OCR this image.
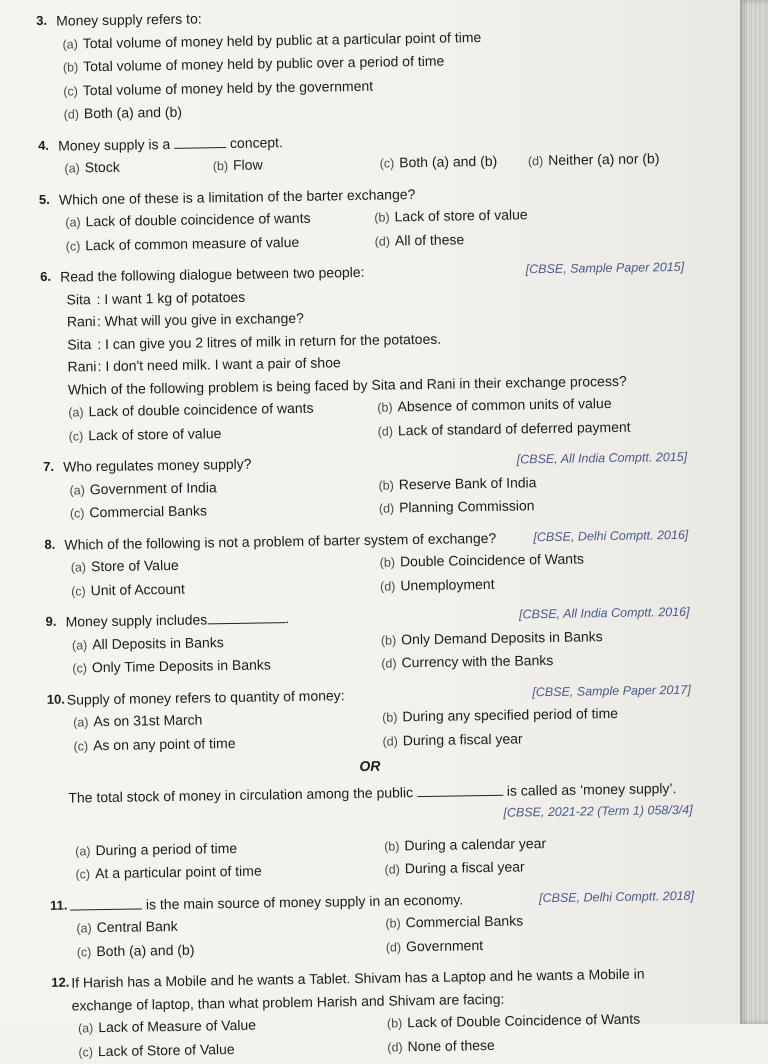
3. Money supply refers to:
(a) Total volume of money held by public at a particular point of time
(b) Total volume of money held by public over a period of time
(c) Total volume of money held by the government
(d) Both (a) and (b)
4. Money supply is a	concept.
(a) Stock	(b) Flow	(c) Both (a) and (b) (d) Neither (a) nor (b)
5. Which one of these is a limitation of the barter exchange?
(a) Lack of double coincidence of wants	(b) Lack of store of value
(c) Lack of common measure of value	(d) All of these
6.
[CBSE, Sample Paper 2015]
Read the following dialogue between two people:
Sita : I want 1 kg of potatoes
Rani: What will you give in exchange?
Sita : I can give you 2 litres of milk in return for the potatoes.
Rani: I don't need milk. I want a pair of shoe
Which of the following problem is being faced by Sita and Rani in their exchange process?
(a) Lack of double coincidence of wants	(b) Absence of common units of value
(c) Lack of store of value	(d) Lack of standard of deferred payment
7.	[CBSE, All India Comptt. 2015]
Who regulates money supply?
(a) Government of India	(b) Reserve Bank of India
(c) Commercial Banks	(d) Planning Commission
8.
[CBSE, Delhi Comptt. 2016]
Which of the following is not a problem of barter system of exchange?
(a) Store of Value	(b) Double Coincidence of Wants
(c) Unit of Account	(d) Unemployment
9.	[CBSE, All India Comptt. 2016]
Money supply includes	.
(a) All Deposits in Banks	(b) Only Demand Deposits in Banks
(c) Only Time Deposits in Banks	(d) Currency with the Banks
10.	[CBSE, Sample Paper 2017]
Supply of money refers to quantity of money:
(a) As on 31st March	(b) During any specified period of time
(c) As on any point of time	(d) During a fiscal year
OR
The total stock of money in circulation among the public	is called as ‘money supply’.
[CBSE, 2021-22 (Term 1) 058/3/4]
(a) During a period of time	(b) During a calendar year
(c) At a particular point of time	(d) During a fiscal year
11.
[CBSE, Delhi Comptt. 2018]
is the main source of money supply in an economy.
(a) Central Bank	(b) Commercial Banks
(c) Both (a) and (b)	(d) Government
12. If Harish has a Mobile and he wants a Tablet. Shivam has a Laptop and he wants a Mobile in exchange of laptop, than what problem Harish and Shivam are facing:
(a) Lack of Measure of Value	(b) Lack of Double Coincidence of Wants
(c) Lack of Store of Value	(d) None of these
